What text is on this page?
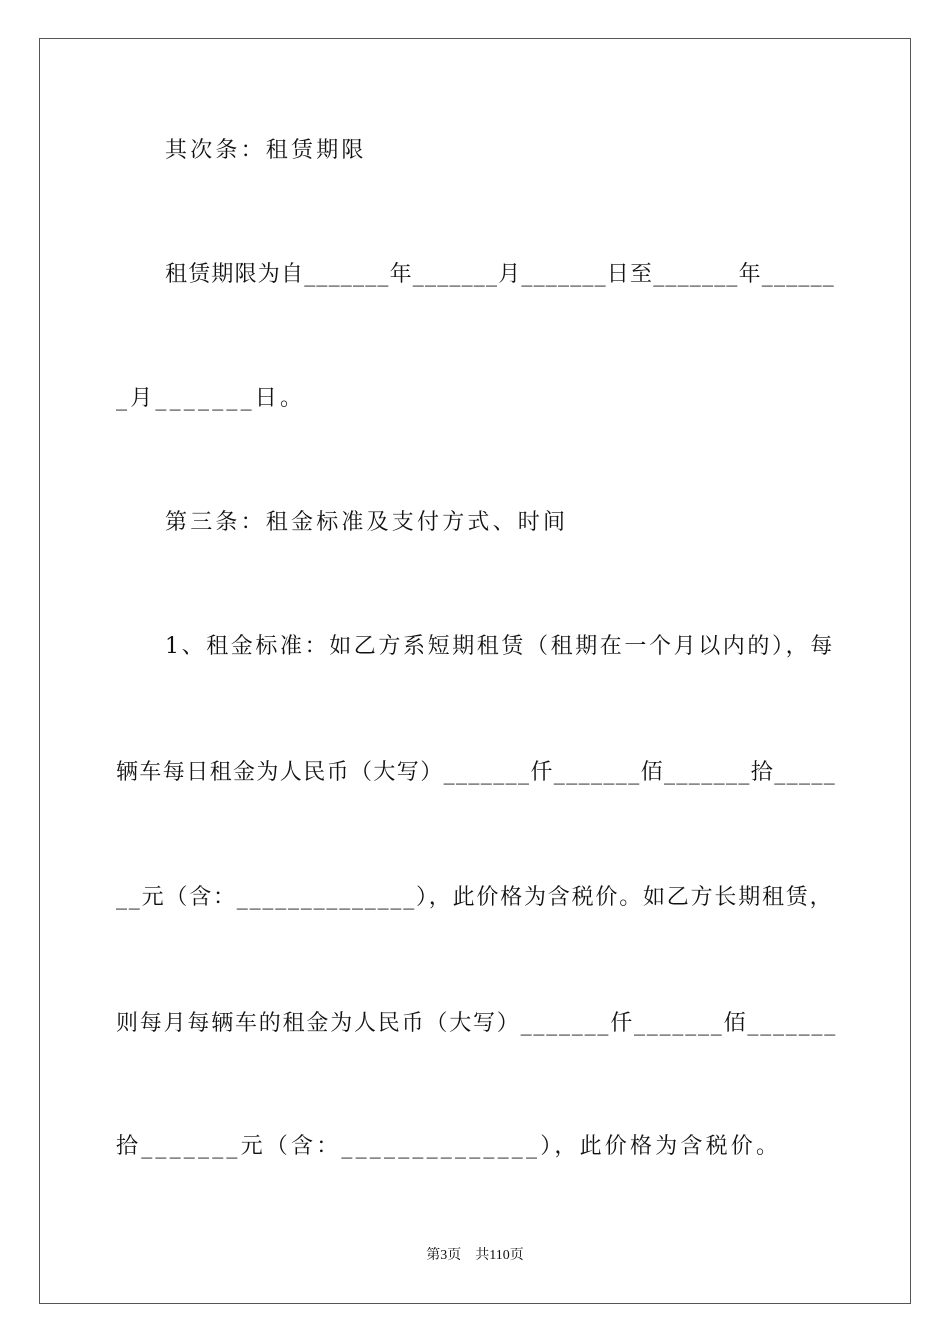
其次条：租赁期限

租赁期限为自_______年_______月_______日至_______年______

_月_______日。

第三条：租金标准及支付方式、时间

1、租金标准：如乙方系短期租赁（租期在一个月以内的），每

辆车每日租金为人民币（大写）_______仟_______佰_______拾_____

__元（含：______________），此价格为含税价。如乙方长期租赁，

则每月每辆车的租金为人民币（大写）_______仟_______佰_______

拾_______元（含：______________），此价格为含税价。

第3页    共110页
